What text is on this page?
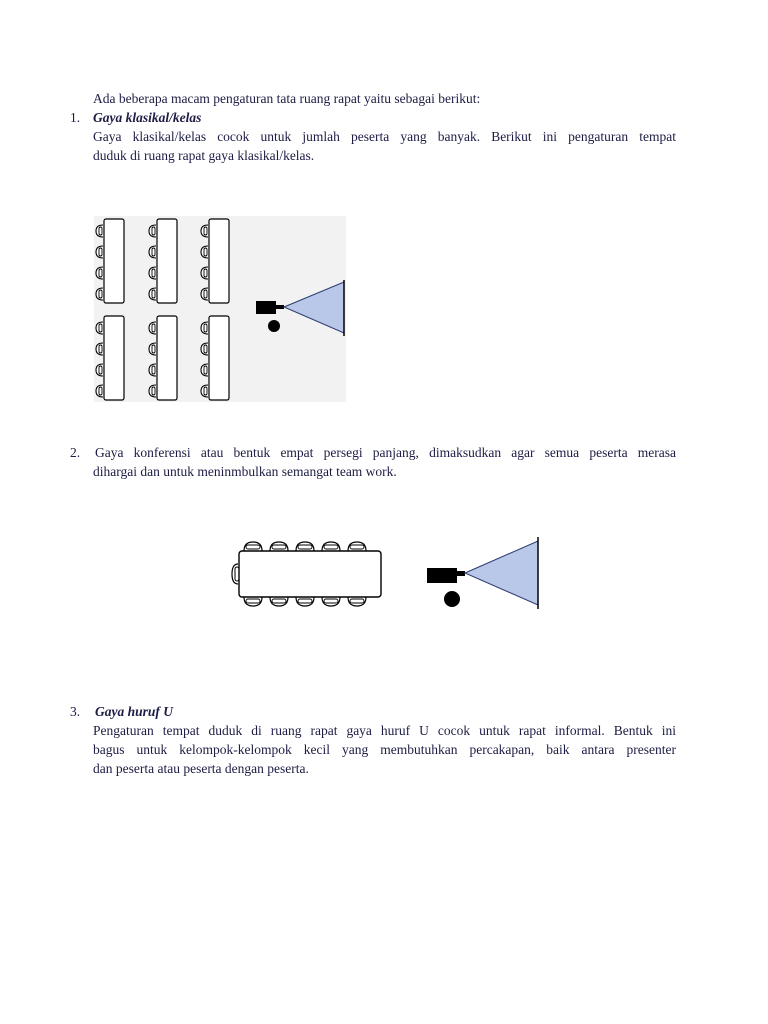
Ada beberapa macam pengaturan tata ruang rapat yaitu sebagai berikut:
1. Gaya klasikal/kelas
Gaya klasikal/kelas cocok untuk jumlah peserta yang banyak. Berikut ini pengaturan tempat
duduk di ruang rapat gaya klasikal/kelas.
2. Gaya konferensi atau bentuk empat persegi panjang, dimaksudkan agar semua peserta merasa
dihargai dan untuk meninmbulkan semangat team work.
3. Gaya huruf U
Pengaturan tempat duduk di ruang rapat gaya huruf U cocok untuk rapat informal. Bentuk ini
bagus untuk kelompok-kelompok kecil yang membutuhkan percakapan, baik antara presenter
dan peserta atau peserta dengan peserta.
